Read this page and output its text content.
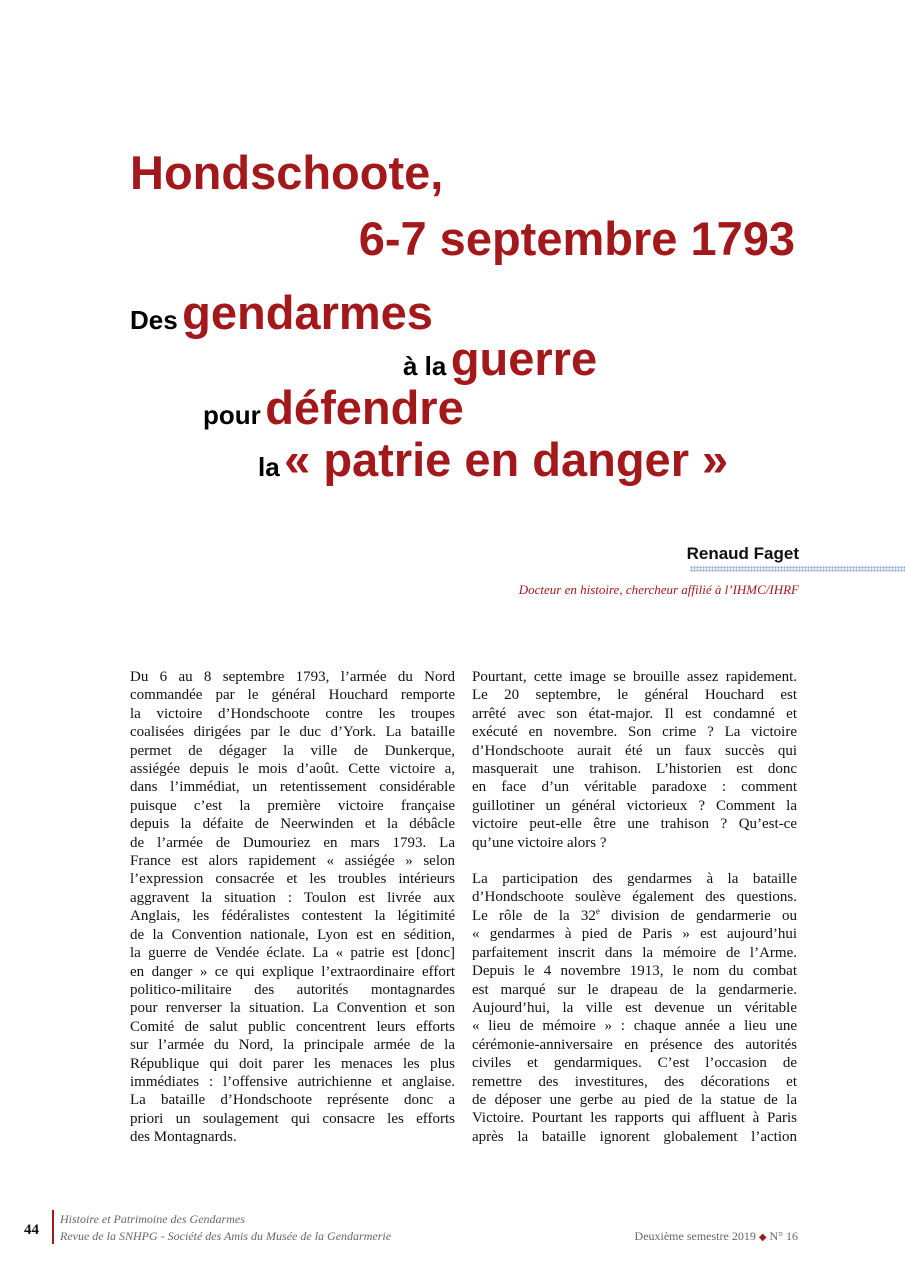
Hondschoote,
6-7 septembre 1793
Des gendarmes
à la guerre
pour défendre
la « patrie en danger »

Renaud Faget

Docteur en histoire, chercheur affilié à l’IHMC/IHRF

Du 6 au 8 septembre 1793, l’armée du Nord
commandée par le général Houchard remporte
la victoire d’Hondschoote contre les troupes
coalisées dirigées par le duc d’York. La bataille
permet de dégager la ville de Dunkerque,
assiégée depuis le mois d’août. Cette victoire a,
dans l’immédiat, un retentissement considérable
puisque c’est la première victoire française
depuis la défaite de Neerwinden et la débâcle
de l’armée de Dumouriez en mars 1793. La
France est alors rapidement « assiégée » selon
l’expression consacrée et les troubles intérieurs
aggravent la situation : Toulon est livrée aux
Anglais, les fédéralistes contestent la légitimité
de la Convention nationale, Lyon est en sédition,
la guerre de Vendée éclate. La « patrie est [donc]
en danger » ce qui explique l’extraordinaire effort
politico-militaire des autorités montagnardes
pour renverser la situation. La Convention et son
Comité de salut public concentrent leurs efforts
sur l’armée du Nord, la principale armée de la
République qui doit parer les menaces les plus
immédiates : l’offensive autrichienne et anglaise.
La bataille d’Hondschoote représente donc a
priori un soulagement qui consacre les efforts
des Montagnards.

Pourtant, cette image se brouille assez rapidement.
Le 20 septembre, le général Houchard est
arrêté avec son état-major. Il est condamné et
exécuté en novembre. Son crime ? La victoire
d’Hondschoote aurait été un faux succès qui
masquerait une trahison. L’historien est donc
en face d’un véritable paradoxe : comment
guillotiner un général victorieux ? Comment la
victoire peut-elle être une trahison ? Qu’est-ce
qu’une victoire alors ?

La participation des gendarmes à la bataille
d’Hondschoote soulève également des questions.
Le rôle de la 32e division de gendarmerie ou
« gendarmes à pied de Paris » est aujourd’hui
parfaitement inscrit dans la mémoire de l’Arme.
Depuis le 4 novembre 1913, le nom du combat
est marqué sur le drapeau de la gendarmerie.
Aujourd’hui, la ville est devenue un véritable
« lieu de mémoire » : chaque année a lieu une
cérémonie-anniversaire en présence des autorités
civiles et gendarmiques. C’est l’occasion de
remettre des investitures, des décorations et
de déposer une gerbe au pied de la statue de la
Victoire. Pourtant les rapports qui affluent à Paris
après la bataille ignorent globalement l’action

44
Histoire et Patrimoine des Gendarmes
Revue de la SNHPG - Société des Amis du Musée de la Gendarmerie	Deuxième semestre 2019 ◆ N° 16
